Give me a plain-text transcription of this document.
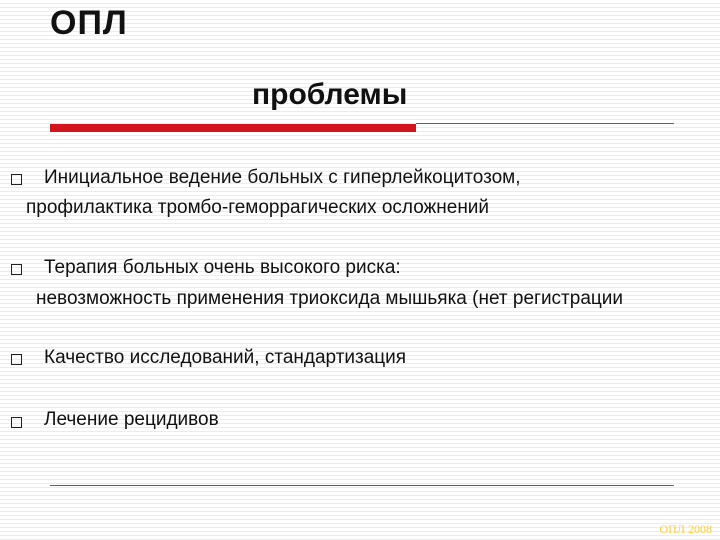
ОПЛ
проблемы
Инициальное ведение больных с гиперлейкоцитозом,
профилактика тромбо-геморрагических осложнений
Терапия больных очень высокого риска:
невозможность применения триоксида мышьяка (нет регистрации
Качество исследований, стандартизация
Лечение рецидивов
ОПЛ 2008
